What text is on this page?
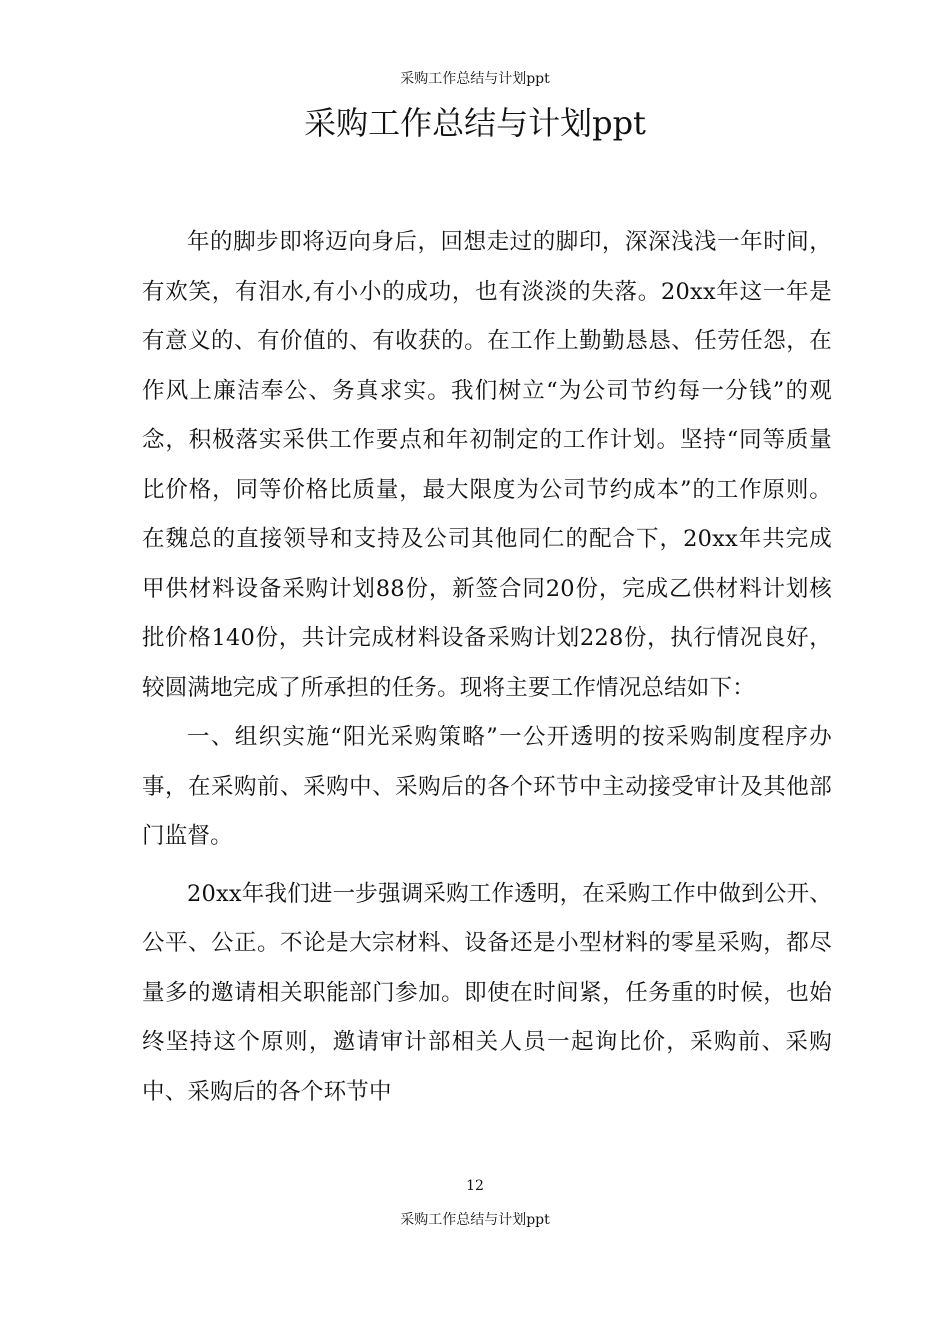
采购工作总结与计划ppt
采购工作总结与计划ppt

年的脚步即将迈向身后，回想走过的脚印，深深浅浅一年时间，有欢笑，有泪水,有小小的成功，也有淡淡的失落。20xx年这一年是有意义的、有价值的、有收获的。在工作上勤勤恳恳、任劳任怨，在作风上廉洁奉公、务真求实。我们树立“为公司节约每一分钱”的观念，积极落实采供工作要点和年初制定的工作计划。坚持“同等质量比价格，同等价格比质量，最大限度为公司节约成本”的工作原则。在魏总的直接领导和支持及公司其他同仁的配合下，20xx年共完成甲供材料设备采购计划88份，新签合同20份，完成乙供材料计划核批价格140份，共计完成材料设备采购计划228份，执行情况良好，较圆满地完成了所承担的任务。现将主要工作情况总结如下：

一、组织实施“阳光采购策略”一公开透明的按采购制度程序办事，在采购前、采购中、采购后的各个环节中主动接受审计及其他部门监督。

20xx年我们进一步强调采购工作透明，在采购工作中做到公开、公平、公正。不论是大宗材料、设备还是小型材料的零星采购，都尽量多的邀请相关职能部门参加。即使在时间紧，任务重的时候，也始终坚持这个原则，邀请审计部相关人员一起询比价，采购前、采购中、采购后的各个环节中

12
采购工作总结与计划ppt
